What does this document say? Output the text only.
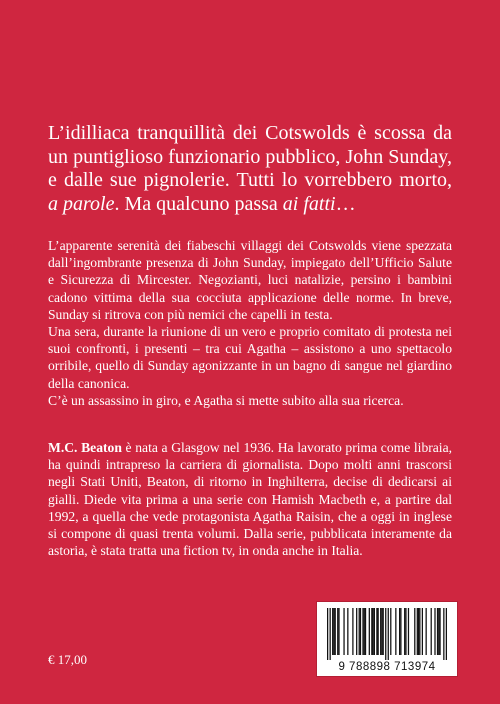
L’idilliaca tranquillità dei Cotswolds è scossa da un puntiglioso funzionario pubblico, John Sunday, e dalle sue pignolerie. Tutti lo vorrebbero morto, a parole. Ma qualcuno passa ai fatti…

L’apparente serenità dei fiabeschi villaggi dei Cotswolds viene spezzata dall’ingombrante presenza di John Sunday, impiegato dell’Ufficio Salute e Sicurezza di Mircester. Negozianti, luci natalizie, persino i bambini cadono vittima della sua cocciuta applicazione delle norme. In breve, Sunday si ritrova con più nemici che capelli in testa.

Una sera, durante la riunione di un vero e proprio comitato di protesta nei suoi confronti, i presenti – tra cui Agatha – assistono a uno spettacolo orribile, quello di Sunday agonizzante in un bagno di sangue nel giardino della canonica.

C’è un assassino in giro, e Agatha si mette subito alla sua ricerca.

M.C. Beaton è nata a Glasgow nel 1936. Ha lavorato prima come libraia, ha quindi intrapreso la carriera di giornalista. Dopo molti anni trascorsi negli Stati Uniti, Beaton, di ritorno in Inghilterra, decise di dedicarsi ai gialli. Diede vita prima a una serie con Hamish Macbeth e, a partire dal 1992, a quella che vede protagonista Agatha Raisin, che a oggi in inglese si compone di quasi trenta volumi. Dalla serie, pubblicata interamente da astoria, è stata tratta una fiction tv, in onda anche in Italia.

€ 17,00	9 788898 713974
